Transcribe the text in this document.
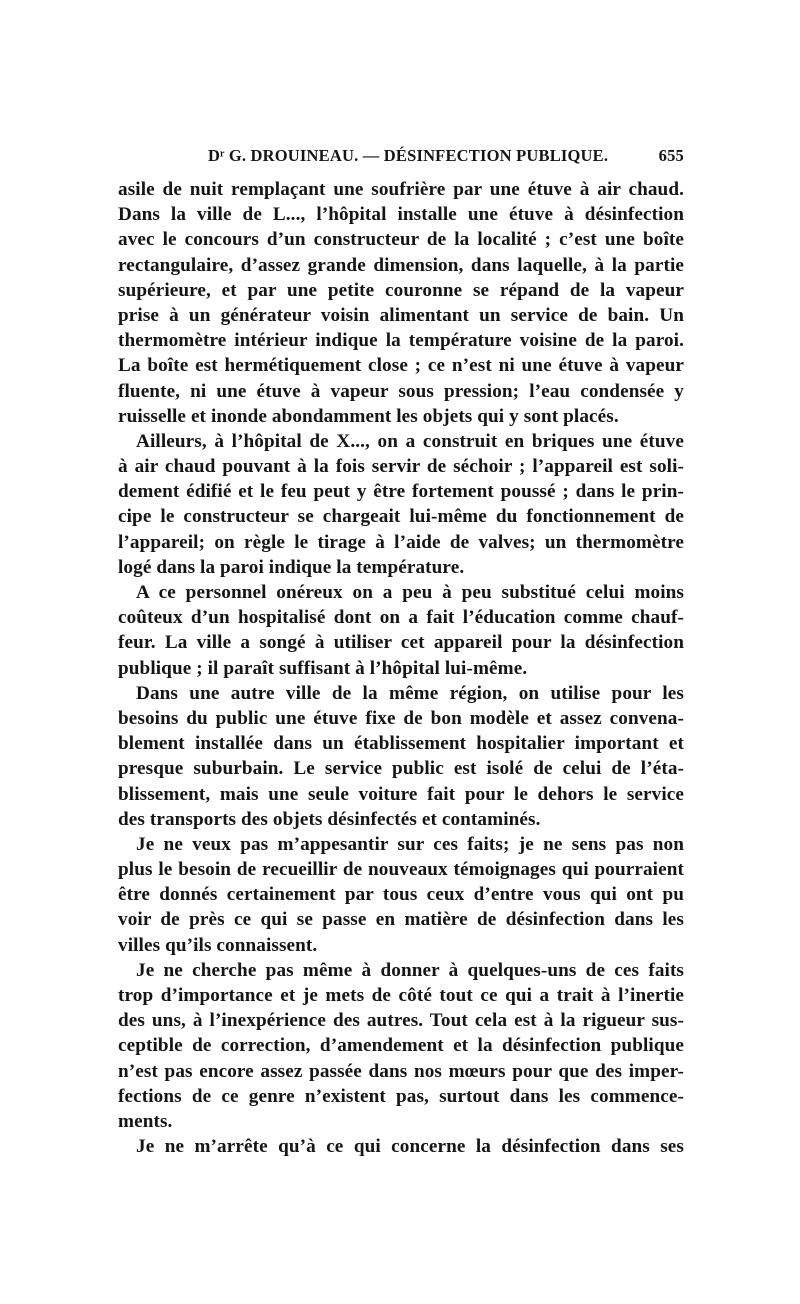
Dʳ G. DROUINEAU. — DÉSINFECTION PUBLIQUE.	655
asile de nuit remplaçant une soufrière par une étuve à air chaud.
Dans la ville de L..., l’hôpital installe une étuve à désinfection
avec le concours d’un constructeur de la localité ; c’est une boîte
rectangulaire, d’assez grande dimension, dans laquelle, à la partie
supérieure, et par une petite couronne se répand de la vapeur
prise à un générateur voisin alimentant un service de bain. Un
thermomètre intérieur indique la température voisine de la paroi.
La boîte est hermétiquement close ; ce n’est ni une étuve à vapeur
fluente, ni une étuve à vapeur sous pression; l’eau condensée y
ruisselle et inonde abondamment les objets qui y sont placés.
Ailleurs, à l’hôpital de X..., on a construit en briques une étuve
à air chaud pouvant à la fois servir de séchoir ; l’appareil est soli-
dement édifié et le feu peut y être fortement poussé ; dans le prin-
cipe le constructeur se chargeait lui-même du fonctionnement de
l’appareil; on règle le tirage à l’aide de valves; un thermomètre
logé dans la paroi indique la température.
A ce personnel onéreux on a peu à peu substitué celui moins
coûteux d’un hospitalisé dont on a fait l’éducation comme chauf-
feur. La ville a songé à utiliser cet appareil pour la désinfection
publique ; il paraît suffisant à l’hôpital lui-même.
Dans une autre ville de la même région, on utilise pour les
besoins du public une étuve fixe de bon modèle et assez convena-
blement installée dans un établissement hospitalier important et
presque suburbain. Le service public est isolé de celui de l’éta-
blissement, mais une seule voiture fait pour le dehors le service
des transports des objets désinfectés et contaminés.
Je ne veux pas m’appesantir sur ces faits; je ne sens pas non
plus le besoin de recueillir de nouveaux témoignages qui pourraient
être donnés certainement par tous ceux d’entre vous qui ont pu
voir de près ce qui se passe en matière de désinfection dans les
villes qu’ils connaissent.
Je ne cherche pas même à donner à quelques-uns de ces faits
trop d’importance et je mets de côté tout ce qui a trait à l’inertie
des uns, à l’inexpérience des autres. Tout cela est à la rigueur sus-
ceptible de correction, d’amendement et la désinfection publique
n’est pas encore assez passée dans nos mœurs pour que des imper-
fections de ce genre n’existent pas, surtout dans les commence-
ments.
Je ne m’arrête qu’à ce qui concerne la désinfection dans ses
